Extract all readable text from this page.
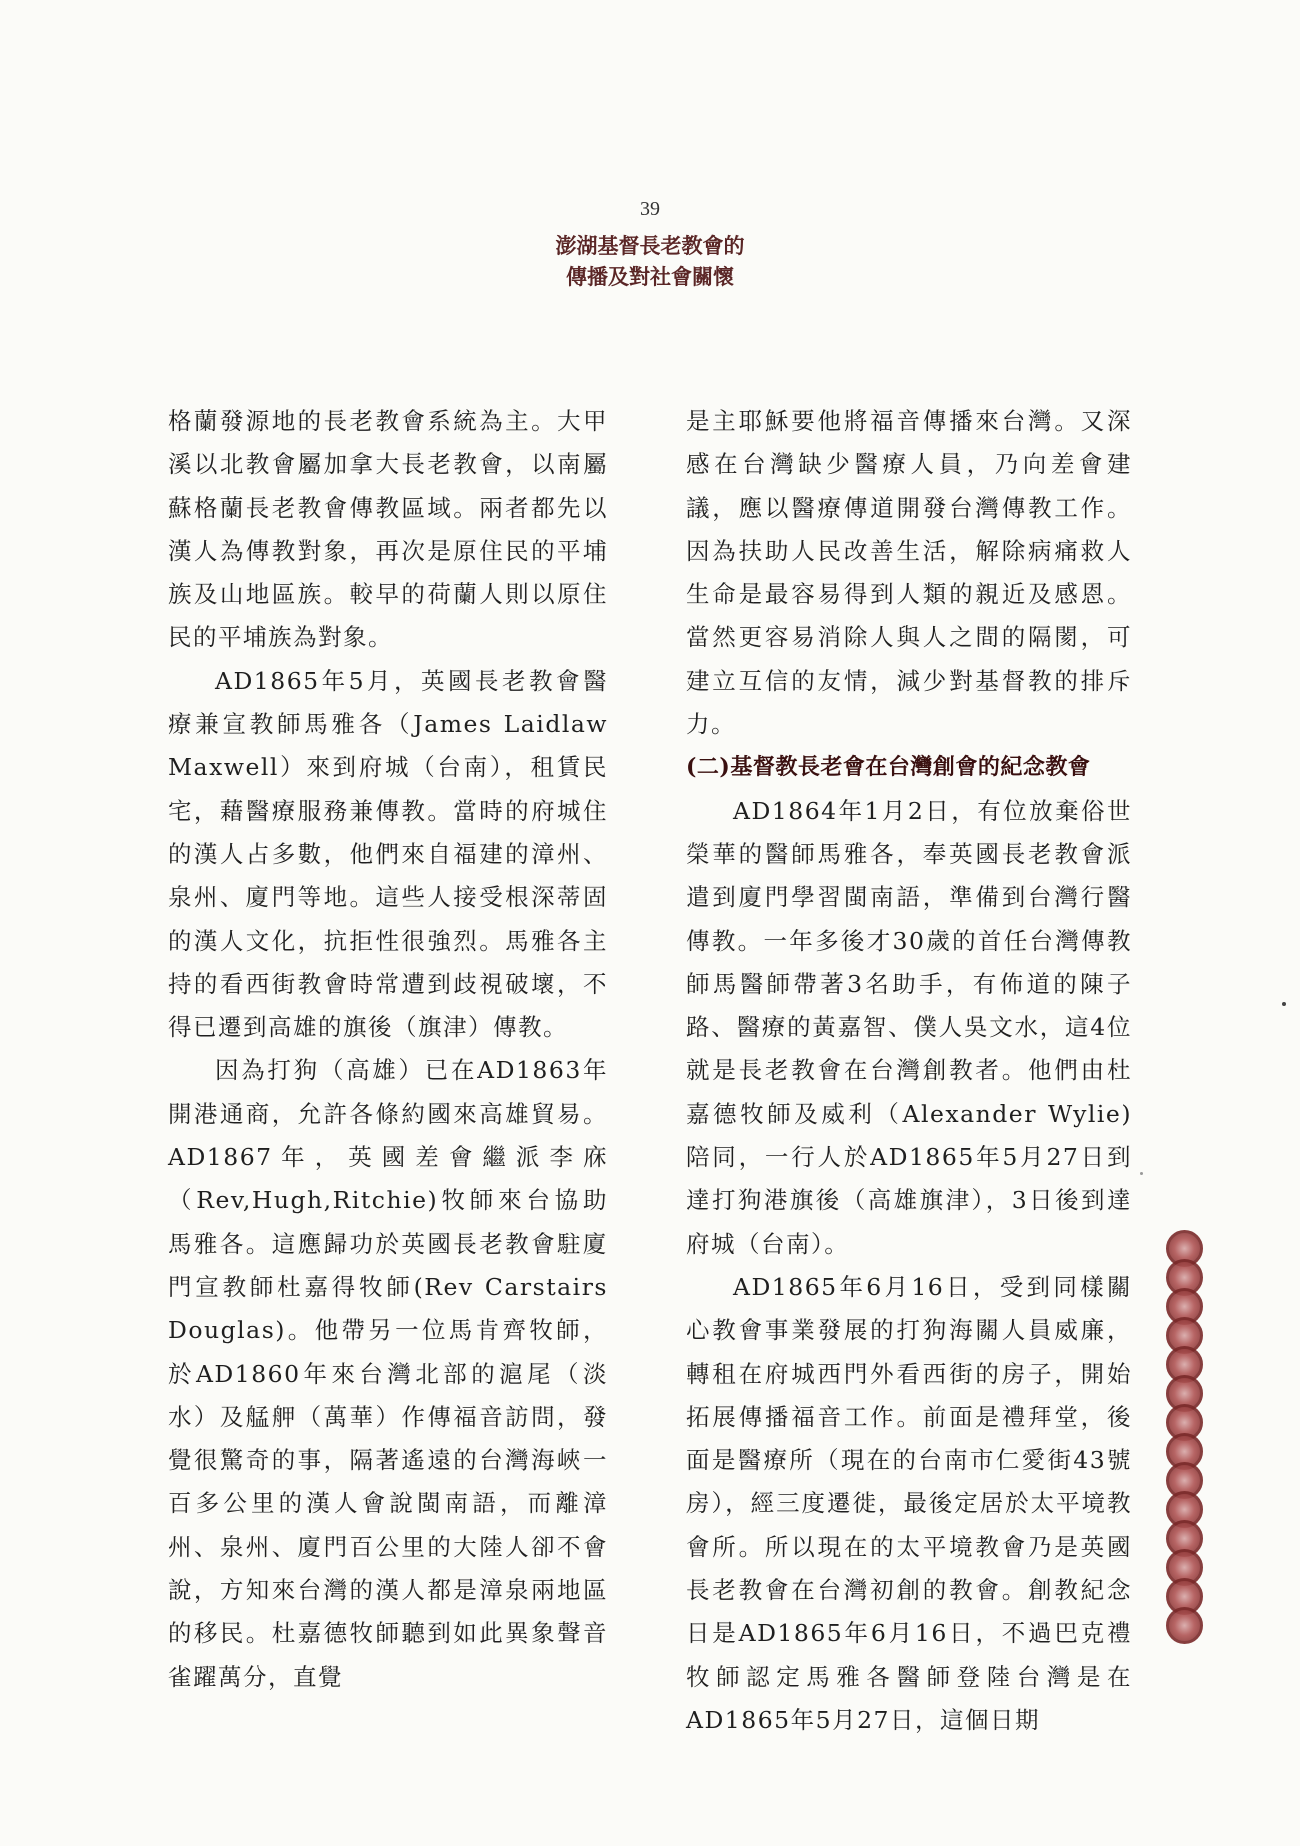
39
澎湖基督長老教會的
傳播及對社會關懷

格蘭發源地的長老教會系統為主。大甲溪以北教會屬加拿大長老教會，以南屬蘇格蘭長老教會傳教區域。兩者都先以漢人為傳教對象，再次是原住民的平埔族及山地區族。較早的荷蘭人則以原住民的平埔族為對象。

AD1865年5月，英國長老教會醫療兼宣教師馬雅各（James Laidlaw Maxwell）來到府城（台南），租賃民宅，藉醫療服務兼傳教。當時的府城住的漢人占多數，他們來自福建的漳州、泉州、廈門等地。這些人接受根深蒂固的漢人文化，抗拒性很強烈。馬雅各主持的看西街教會時常遭到歧視破壞，不得已遷到高雄的旗後（旗津）傳教。

因為打狗（高雄）已在AD1863年開港通商，允許各條約國來高雄貿易。AD1867年，英國差會繼派李庥（Rev,Hugh,Ritchie)牧師來台協助馬雅各。這應歸功於英國長老教會駐廈門宣教師杜嘉得牧師(Rev Carstairs Douglas)。他帶另一位馬肯齊牧師，於AD1860年來台灣北部的滬尾（淡水）及艋舺（萬華）作傳福音訪問，發覺很驚奇的事，隔著遙遠的台灣海峽一百多公里的漢人會說閩南語，而離漳州、泉州、廈門百公里的大陸人卻不會說，方知來台灣的漢人都是漳泉兩地區的移民。杜嘉德牧師聽到如此異象聲音雀躍萬分，直覺

是主耶穌要他將福音傳播來台灣。又深感在台灣缺少醫療人員，乃向差會建議，應以醫療傳道開發台灣傳教工作。因為扶助人民改善生活，解除病痛救人生命是最容易得到人類的親近及感恩。當然更容易消除人與人之間的隔閡，可建立互信的友情，減少對基督教的排斥力。

(二)基督教長老會在台灣創會的紀念教會

AD1864年1月2日，有位放棄俗世榮華的醫師馬雅各，奉英國長老教會派遣到廈門學習閩南語，準備到台灣行醫傳教。一年多後才30歲的首任台灣傳教師馬醫師帶著3名助手，有佈道的陳子路、醫療的黃嘉智、僕人吳文水，這4位就是長老教會在台灣創教者。他們由杜嘉德牧師及威利（Alexander Wylie)陪同，一行人於AD1865年5月27日到達打狗港旗後（高雄旗津），3日後到達府城（台南）。

AD1865年6月16日，受到同樣關心教會事業發展的打狗海關人員威廉，轉租在府城西門外看西街的房子，開始拓展傳播福音工作。前面是禮拜堂，後面是醫療所（現在的台南市仁愛街43號房），經三度遷徙，最後定居於太平境教會所。所以現在的太平境教會乃是英國長老教會在台灣初創的教會。創教紀念日是AD1865年6月16日，不過巴克禮牧師認定馬雅各醫師登陸台灣是在AD1865年5月27日，這個日期
